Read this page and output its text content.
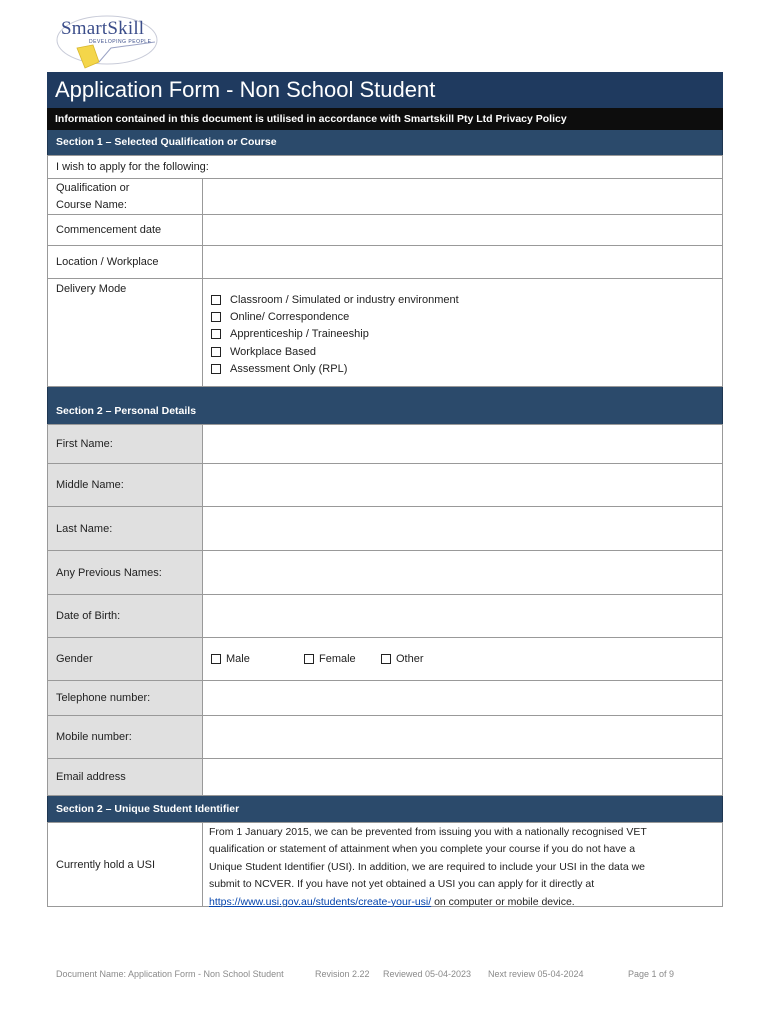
SmartSkill
DEVELOPING PEOPLE
Application Form - Non School Student
Information contained in this document is utilised in accordance with Smartskill Pty Ltd Privacy Policy
Section 1 – Selected Qualification or Course
I wish to apply for the following:
Qualification or
Course Name:
Commencement date
Location / Workplace
Delivery Mode
Classroom / Simulated or industry environment
Online/ Correspondence
Apprenticeship / Traineeship
Workplace Based
Assessment Only (RPL)
Section 2 – Personal Details
First Name:
Middle Name:
Last Name:
Any Previous Names:
Date of Birth:
Gender	Male	Female	Other
Telephone number:
Mobile number:
Email address
Section 2 – Unique Student Identifier
Currently hold a USI
From 1 January 2015, we can be prevented from issuing you with a nationally recognised VET
qualification or statement of attainment when you complete your course if you do not have a
Unique Student Identifier (USI). In addition, we are required to include your USI in the data we
submit to NCVER. If you have not yet obtained a USI you can apply for it directly at
https://www.usi.gov.au/students/create-your-usi/ on computer or mobile device.
Document Name: Application Form - Non School Student	Revision 2.22 Reviewed 05-04-2023 Next review 05-04-2024	Page 1 of 9
